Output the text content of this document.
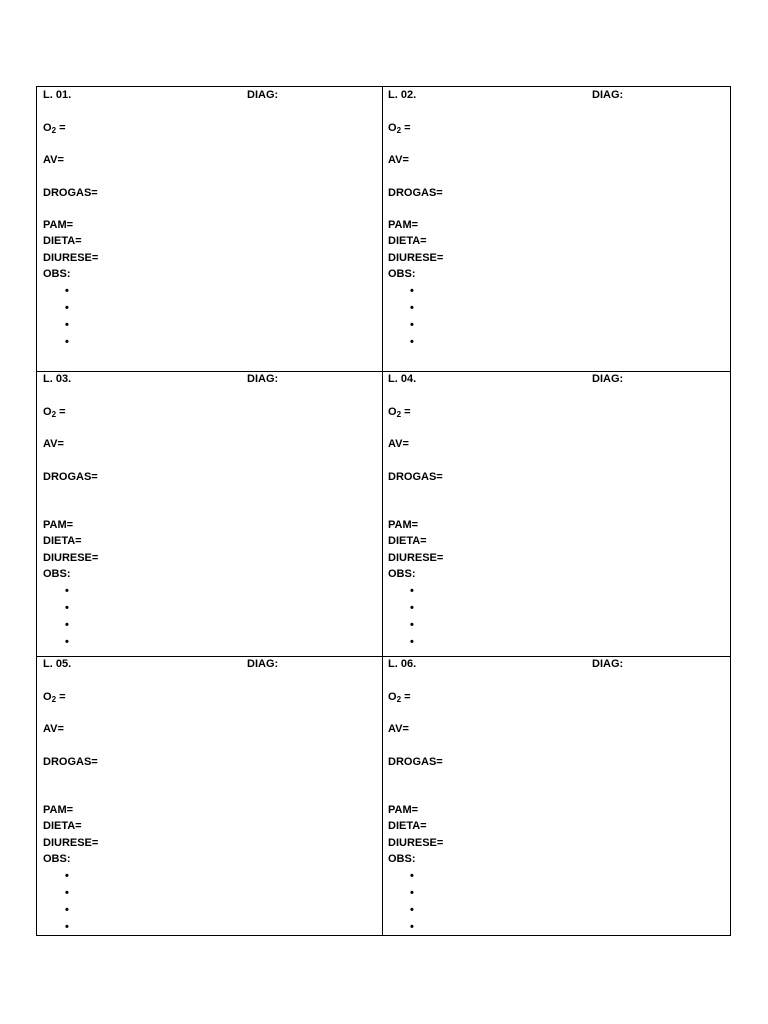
L. 01.	DIAG:
$O_2$ =
AV=
DROGAS=
PAM=
DIETA=
DIURESE=
OBS:
•
•
•
•
L. 02.	DIAG:
$O_2$ =
AV=
DROGAS=
PAM=
DIETA=
DIURESE=
OBS:
•
•
•
•
L. 03.	DIAG:
$O_2$ =
AV=
DROGAS=
PAM=
DIETA=
DIURESE=
OBS:
•
•
•
•
L. 04.	DIAG:
$O_2$ =
AV=
DROGAS=
PAM=
DIETA=
DIURESE=
OBS:
•
•
•
•
L. 05.	DIAG:
$O_2$ =
AV=
DROGAS=
PAM=
DIETA=
DIURESE=
OBS:
•
•
•
•
L. 06.	DIAG:
$O_2$ =
AV=
DROGAS=
PAM=
DIETA=
DIURESE=
OBS:
•
•
•
•
